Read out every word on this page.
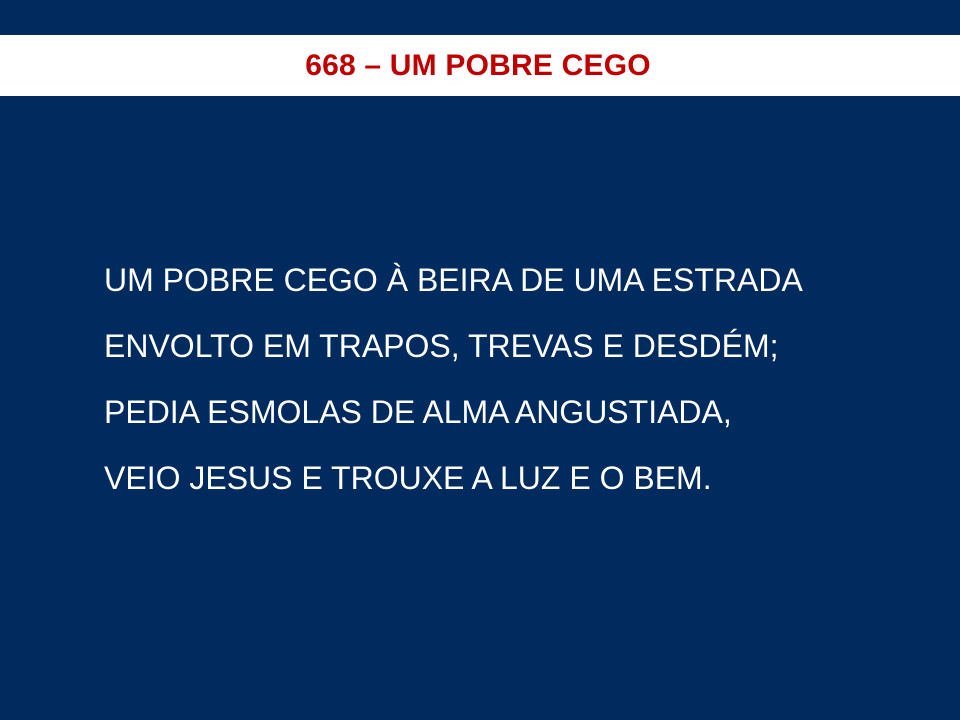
668 – UM POBRE CEGO
UM POBRE CEGO À BEIRA DE UMA ESTRADA
ENVOLTO EM TRAPOS, TREVAS E DESDÉM;
PEDIA ESMOLAS DE ALMA ANGUSTIADA,
VEIO JESUS E TROUXE A LUZ E O BEM.
